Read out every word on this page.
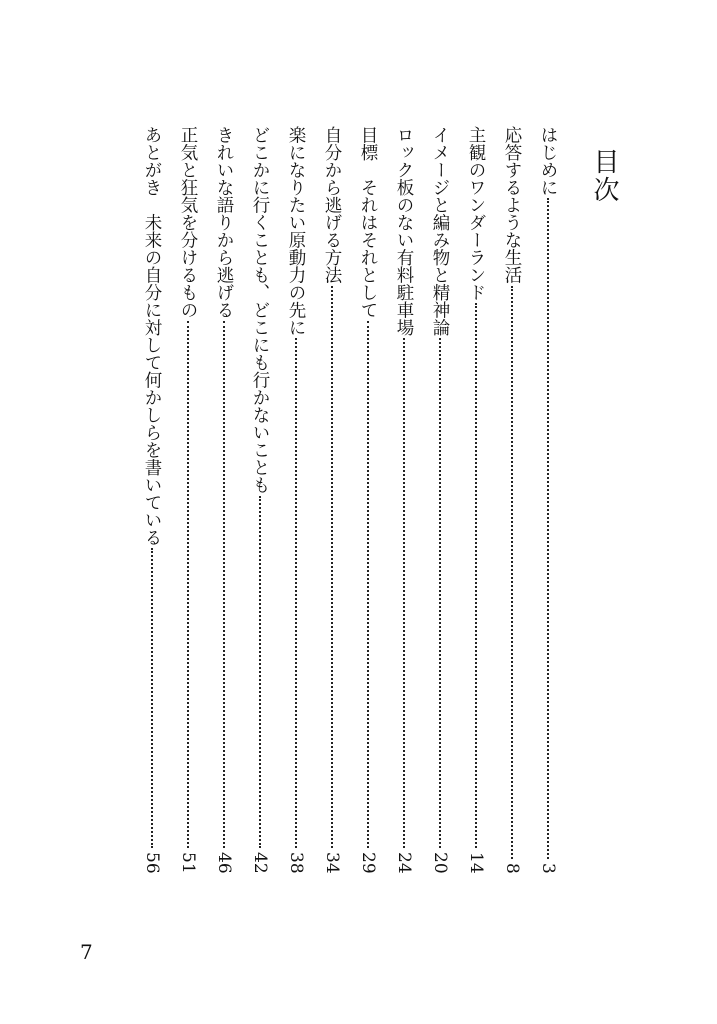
目次
はじめに
3
応答するような生活
8
主観のワンダーランド
14
イメージと編み物と精神論
20
ロック板のない有料駐車場
24
目標　それはそれとして
29
自分から逃げる方法
34
楽になりたい原動力の先に
38
どこかに行くことも、どこにも行かないことも
42
きれいな語りから逃げる
46
正気と狂気を分けるもの
51
あとがき　未来の自分に対して何かしらを書いている
56
7
